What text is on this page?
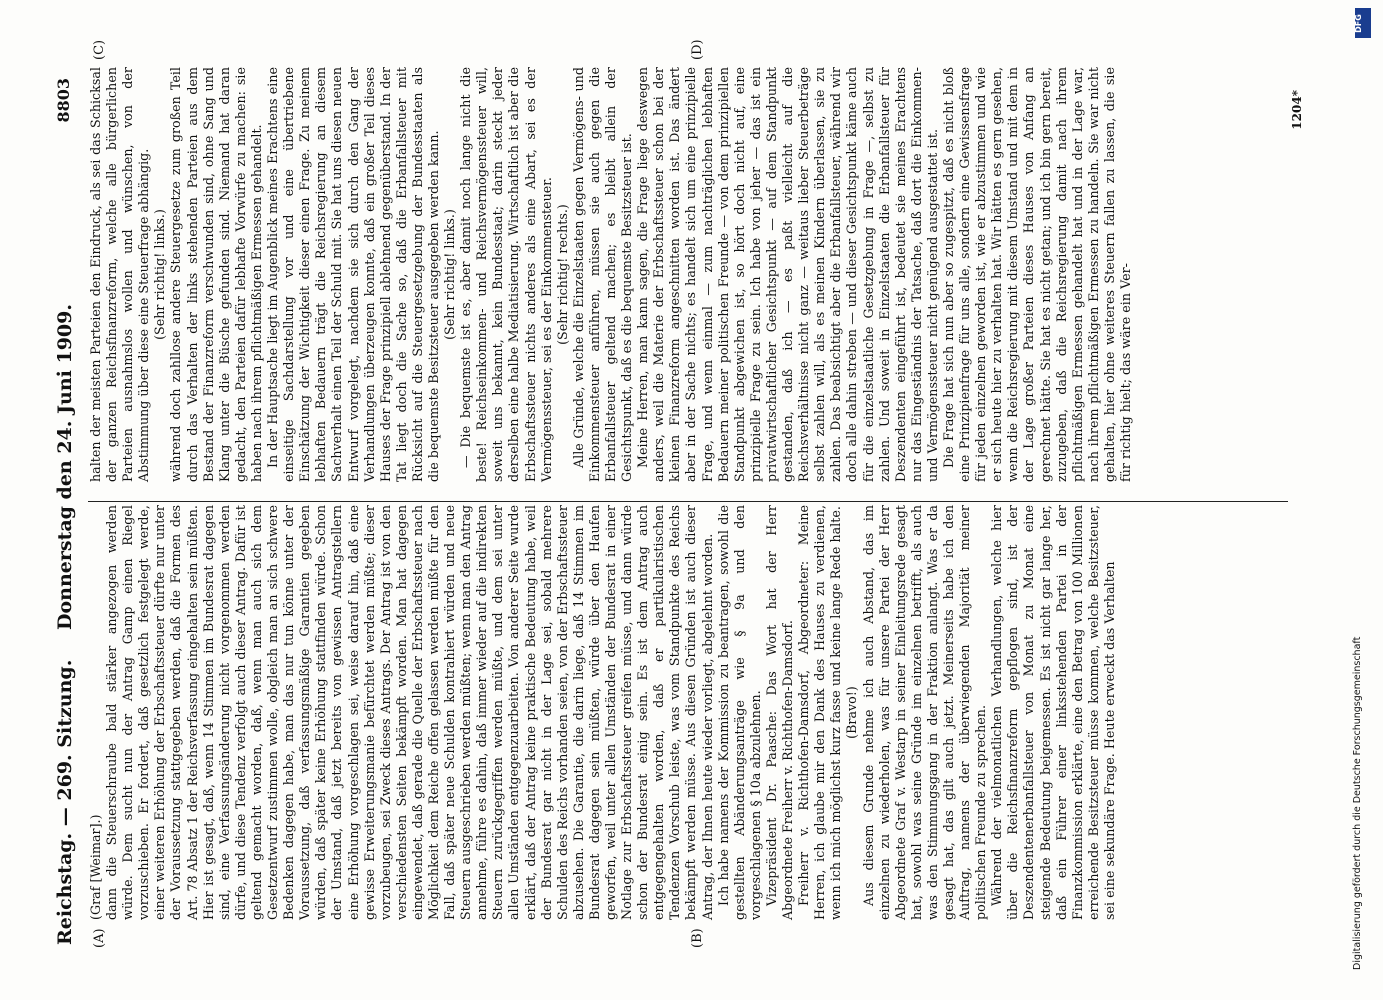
Reichstag. — 269. Sitzung.
Donnerstag den 24. Juni 1909.
8803
(A)	(B)
(C)	(D)

(Graf [Weimar].) dann die Steuerschraube bald stärker angezogen werden würde. Dem sucht nun der Antrag Gamp einen Riegel vorzuschieben. Er fordert, daß gesetzlich festgelegt werde, einer weiteren Erhöhung der Erbschaftssteuer dürfte nur unter der Voraussetzung stattgegeben werden, daß die Formen des Art. 78 Absatz 1 der Reichsverfassung eingehalten sein müßten. Hier ist gesagt, daß, wenn 14 Stimmen im Bundesrat dagegen sind, eine Verfassungsänderung nicht vorgenommen werden dürfe, und diese Tendenz verfolgt auch dieser Antrag. Dafür ist geltend gemacht worden, daß, wenn man auch sich dem Gesetzentwurf zustimmen wolle, obgleich man an sich schwere Bedenken dagegen habe, man das nur tun könne unter der Voraussetzung, daß verfassungsmäßige Garantien gegeben würden, daß später keine Erhöhung stattfinden würde. Schon der Umstand, daß jetzt bereits von gewissen Antragstellern eine Erhöhung vorgeschlagen sei, weise darauf hin, daß eine gewisse Erweiterungsmanie befürchtet werden müßte; dieser vorzubeugen, sei Zweck dieses Antrags. Der Antrag ist von den verschiedensten Seiten bekämpft worden. Man hat dagegen eingewendet, daß gerade die Quelle der Erbschaftssteuer nach Möglichkeit dem Reiche offen gelassen werden müßte für den Fall, daß später neue Schulden kontrahiert würden und neue Steuern ausgeschrieben werden müßten; wenn man den Antrag annehme, führe es dahin, daß immer wieder auf die indirekten Steuern zurückgegriffen werden müßte, und dem sei unter allen Umständen entgegenzuarbeiten. Von anderer Seite wurde erklärt, daß der Antrag keine praktische Bedeutung habe, weil der Bundesrat gar nicht in der Lage sei, sobald mehrere Schulden des Reichs vorhanden seien, von der Erbschaftssteuer abzusehen. Die Garantie, die darin liege, daß 14 Stimmen im Bundesrat dagegen sein müßten, würde über den Haufen geworfen, weil unter allen Umständen der Bundesrat in einer Notlage zur Erbschaftssteuer greifen müsse, und dann würde schon der Bundesrat einig sein. Es ist dem Antrag auch entgegengehalten worden, daß er partikularistischen Tendenzen Vorschub leiste, was vom Standpunkte des Reichs bekämpft werden müsse. Aus diesen Gründen ist auch dieser Antrag, der Ihnen heute wieder vorliegt, abgelehnt worden. Ich habe namens der Kommission zu beantragen, sowohl die gestellten Abänderungsanträge wie § 9a und den vorgeschlagenen § 10a abzulehnen. Vizepräsident Dr. Paasche: Das Wort hat der Herr Abgeordnete Freiherr v. Richthofen-Damsdorf. Freiherr v. Richthofen-Damsdorf, Abgeordneter: Meine Herren, ich glaube mir den Dank des Hauses zu verdienen, wenn ich mich möglichst kurz fasse und keine lange Rede halte. (Bravo!) Aus diesem Grunde nehme ich auch Abstand, das im einzelnen zu wiederholen, was für unsere Partei der Herr Abgeordnete Graf v. Westarp in seiner Einleitungsrede gesagt hat, sowohl was seine Gründe im einzelnen betrifft, als auch was den Stimmungsgang in der Fraktion anlangt. Was er da gesagt hat, das gilt auch jetzt. Meinerseits habe ich den Auftrag, namens der überwiegenden Majorität meiner politischen Freunde zu sprechen. Während der vielmonatlichen Verhandlungen, welche hier über die Reichsfinanzreform gepflogen sind, ist der Deszendentenerbanfallsteuer von Monat zu Monat eine steigende Bedeutung beigemessen. Es ist nicht gar lange her, daß ein Führer einer linksstehenden Partei in der Finanzkommission erklärte, eine den Betrag von 100 Millionen erreichende Besitzsteuer müsse kommen, welche Besitzsteuer, sei eine sekundäre Frage. Heute erweckt das Verhalten

halten der meisten Parteien den Eindruck, als sei das Schicksal der ganzen Reichsfinanzreform, welche alle bürgerlichen Parteien ausnahmslos wollen und wünschen, von der Abstimmung über diese eine Steuerfrage abhängig. (Sehr richtig! links.) während doch zahllose andere Steuergesetze zum großen Teil durch das Verhalten der links stehenden Parteien aus dem Bestand der Finanzreform verschwunden sind, ohne Sang und Klang unter die Büsche gefunden sind. Niemand hat daran gedacht, den Parteien dafür lebhafte Vorwürfe zu machen: sie haben nach ihrem pflichtmäßigen Ermessen gehandelt. In der Hauptsache liegt im Augenblick meines Erachtens eine einseitige Sachdarstellung vor und eine übertriebene Einschätzung der Wichtigkeit dieser einen Frage. Zu meinem lebhaften Bedauern trägt die Reichsregierung an diesem Sachverhalt einen Teil der Schuld mit. Sie hat uns diesen neuen Entwurf vorgelegt, nachdem sie sich durch den Gang der Verhandlungen überzeugen konnte, daß ein großer Teil dieses Hauses der Frage prinzipiell ablehnend gegenüberstand. In der Tat liegt doch die Sache so, daß die Erbanfallsteuer mit Rücksicht auf die Steuergesetzgebung der Bundesstaaten als die bequemste Besitzsteuer ausgegeben werden kann. (Sehr richtig! links.) — Die bequemste ist es, aber damit noch lange nicht die beste! Reichseinkommen- und Reichsvermögenssteuer will, soweit uns bekannt, kein Bundesstaat; darin steckt jeder derselben eine halbe Mediatisierung. Wirtschaftlich ist aber die Erbschaftssteuer nichts anderes als eine Abart, sei es der Vermögenssteuer, sei es der Einkommensteuer. (Sehr richtig! rechts.) Alle Gründe, welche die Einzelstaaten gegen Vermögens- und Einkommensteuer anführen, müssen sie auch gegen die Erbanfallsteuer geltend machen; es bleibt allein der Gesichtspunkt, daß es die bequemste Besitzsteuer ist. Meine Herren, man kann sagen, die Frage liege deswegen anders, weil die Materie der Erbschaftssteuer schon bei der kleinen Finanzreform angeschnitten worden ist. Das ändert aber in der Sache nichts; es handelt sich um eine prinzipielle Frage, und wenn einmal — zum nachträglichen lebhaften Bedauern meiner politischen Freunde — von dem prinzipiellen Standpunkt abgewichen ist, so hört doch nicht auf, eine prinzipielle Frage zu sein. Ich habe von jeher — das ist ein privatwirtschaftlicher Gesichtspunkt — auf dem Standpunkt gestanden, daß ich — es paßt vielleicht auf die Reichsverhältnisse nicht ganz — weitaus lieber Steuerbeträge selbst zahlen will, als es meinen Kindern überlassen, sie zu zahlen. Das beabsichtigt aber die Erbanfallsteuer, während wir doch alle dahin streben — und dieser Gesichtspunkt käme auch für die einzelstaatliche Gesetzgebung in Frage —, selbst zu zahlen. Und soweit in Einzelstaaten die Erbanfallsteuer für Deszendenten eingeführt ist, bedeutet sie meines Erachtens nur das Eingeständnis der Tatsache, daß dort die Einkommen- und Vermögenssteuer nicht genügend ausgestattet ist. Die Frage hat sich nun aber so zugespitzt, daß es nicht bloß eine Prinzipienfrage für uns alle, sondern eine Gewissensfrage für jeden einzelnen geworden ist, wie er abzustimmen und wie er sich heute hier zu verhalten hat. Wir hätten es gern gesehen, wenn die Reichsregierung mit diesem Umstand und mit dem in der Lage großer Parteien dieses Hauses von Anfang an gerechnet hätte. Sie hat es nicht getan; und ich bin gern bereit, zuzugeben, daß die Reichsregierung damit nach ihrem pflichtmäßigen Ermessen gehandelt hat und in der Lage war, nach ihrem pflichtmäßigen Ermessen zu handeln. Sie war nicht gehalten, hier ohne weiteres Steuern fallen zu lassen, die sie für richtig hielt; das wäre ein Ver-

1204*
DFG
Digitalisierung gefördert durch die Deutsche Forschungsgemeinschaft
